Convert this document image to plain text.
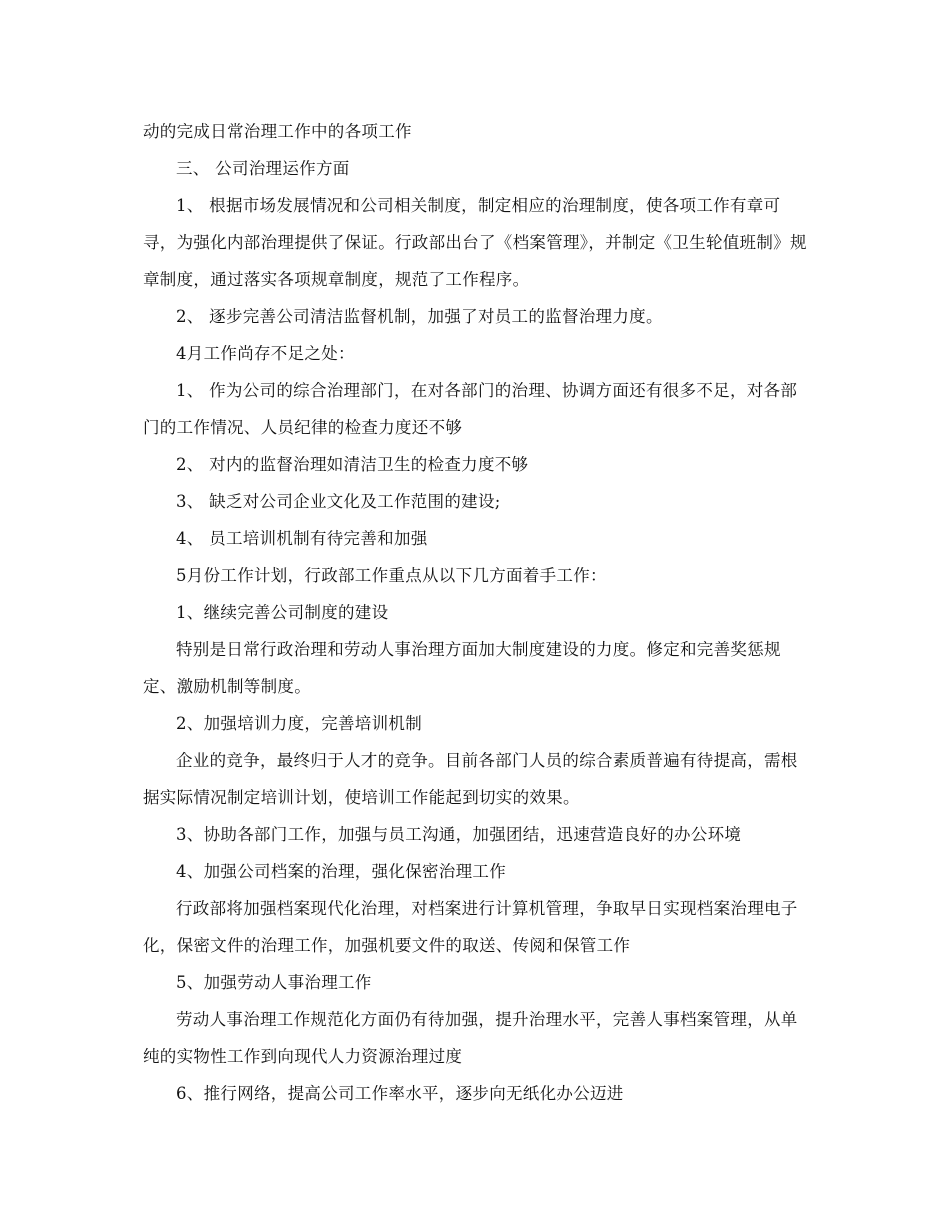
动的完成日常治理工作中的各项工作

三、 公司治理运作方面

1、 根据市场发展情况和公司相关制度，制定相应的治理制度，使各项工作有章可寻，为强化内部治理提供了保证。行政部出台了《档案管理》，并制定《卫生轮值班制》规章制度，通过落实各项规章制度，规范了工作程序。

2、 逐步完善公司清洁监督机制，加强了对员工的监督治理力度。

4月工作尚存不足之处：

1、 作为公司的综合治理部门，在对各部门的治理、协调方面还有很多不足，对各部门的工作情况、人员纪律的检查力度还不够

2、 对内的监督治理如清洁卫生的检查力度不够

3、 缺乏对公司企业文化及工作范围的建设;

4、 员工培训机制有待完善和加强

5月份工作计划，行政部工作重点从以下几方面着手工作：

1、继续完善公司制度的建设

特别是日常行政治理和劳动人事治理方面加大制度建设的力度。修定和完善奖惩规定、激励机制等制度。

2、加强培训力度，完善培训机制

企业的竞争，最终归于人才的竞争。目前各部门人员的综合素质普遍有待提高，需根据实际情况制定培训计划，使培训工作能起到切实的效果。

3、协助各部门工作，加强与员工沟通，加强团结，迅速营造良好的办公环境

4、加强公司档案的治理，强化保密治理工作

行政部将加强档案现代化治理，对档案进行计算机管理，争取早日实现档案治理电子化，保密文件的治理工作，加强机要文件的取送、传阅和保管工作

5、加强劳动人事治理工作

劳动人事治理工作规范化方面仍有待加强，提升治理水平，完善人事档案管理，从单纯的实物性工作到向现代人力资源治理过度

6、推行网络，提高公司工作率水平，逐步向无纸化办公迈进
